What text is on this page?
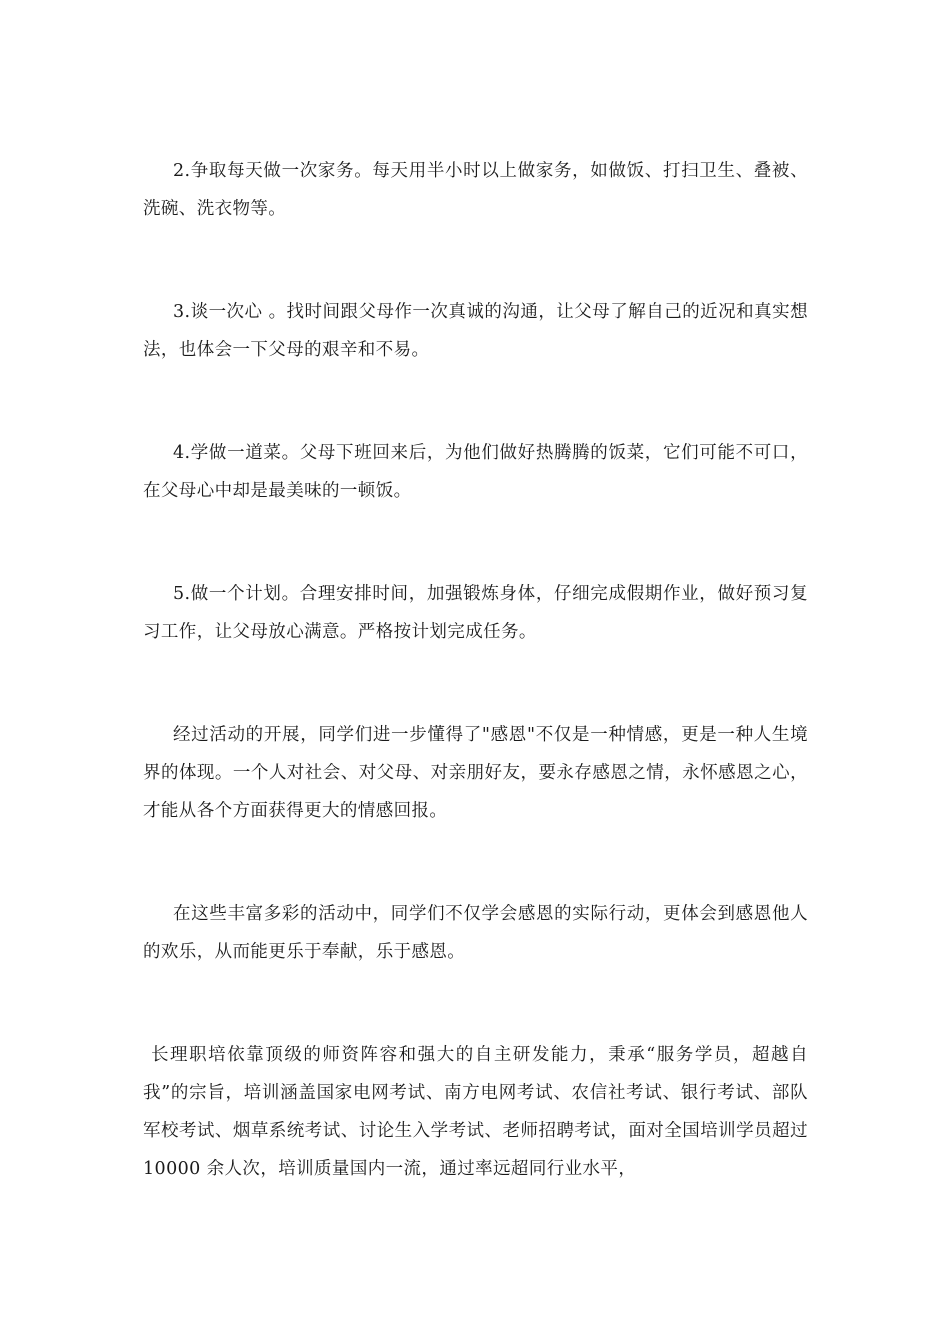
2.争取每天做一次家务。每天用半小时以上做家务，如做饭、打扫卫生、叠被、洗碗、洗衣物等。

3.谈一次心 。找时间跟父母作一次真诚的沟通，让父母了解自己的近况和真实想法，也体会一下父母的艰辛和不易。

4.学做一道菜。父母下班回来后，为他们做好热腾腾的饭菜，它们可能不可口，在父母心中却是最美味的一顿饭。

5.做一个计划。合理安排时间，加强锻炼身体，仔细完成假期作业，做好预习复习工作，让父母放心满意。严格按计划完成任务。

经过活动的开展，同学们进一步懂得了"感恩"不仅是一种情感，更是一种人生境界的体现。一个人对社会、对父母、对亲朋好友，要永存感恩之情，永怀感恩之心，才能从各个方面获得更大的情感回报。

在这些丰富多彩的活动中，同学们不仅学会感恩的实际行动，更体会到感恩他人的欢乐，从而能更乐于奉献，乐于感恩。

长理职培依靠顶级的师资阵容和强大的自主研发能力，秉承“服务学员，超越自我”的宗旨，培训涵盖国家电网考试、南方电网考试、农信社考试、银行考试、部队军校考试、烟草系统考试、讨论生入学考试、老师招聘考试，面对全国培训学员超过 10000 余人次，培训质量国内一流，通过率远超同行业水平，
